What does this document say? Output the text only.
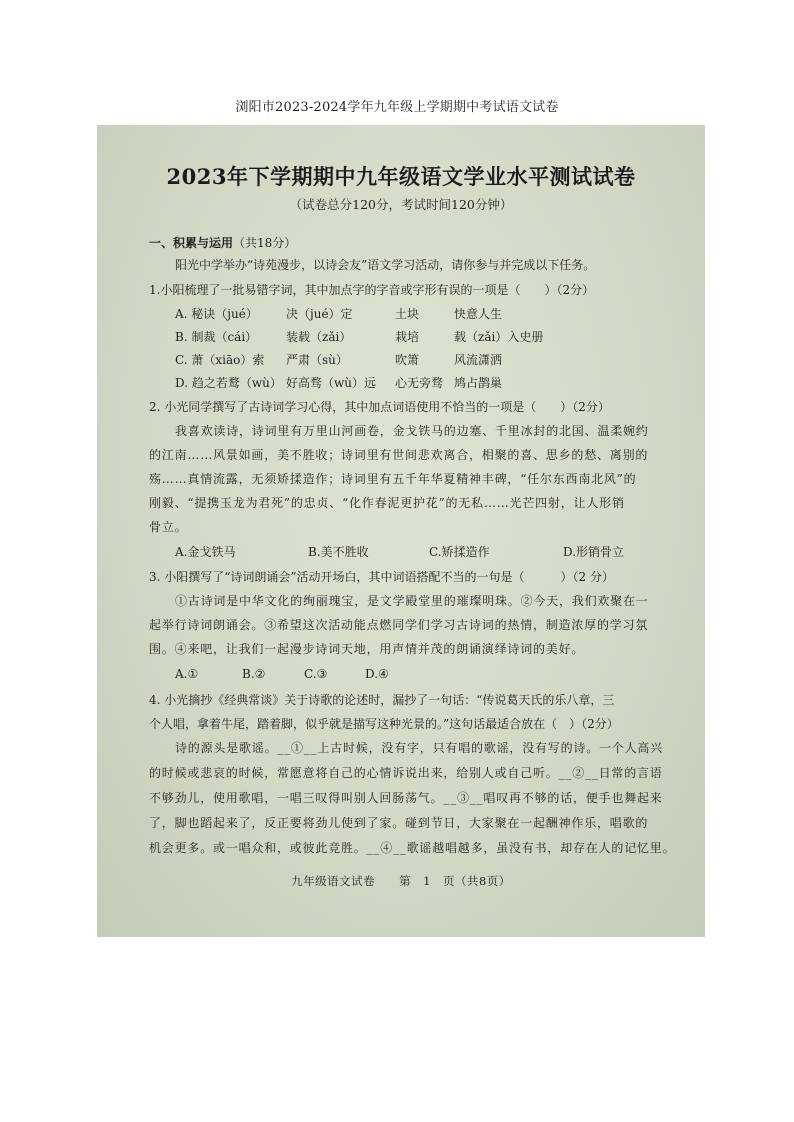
浏阳市2023-2024学年九年级上学期期中考试语文试卷
2023年下学期期中九年级语文学业水平测试试卷
（试卷总分120分，考试时间120分钟）
一、积累与运用（共18分）
阳光中学举办“诗苑漫步，以诗会友”语文学习活动，请你参与并完成以下任务。
1.小阳梳理了一批易错字词，其中加点字的字音或字形有误的一项是（　　）（2分）
A. 秘诀（jué） 决（jué）定	土块	快意人生
B. 制裁（cái） 装载（zǎi）	栽培	载（zǎi）入史册
C. 萧（xiāo）索 严肃（sù）	吹箫	风流潇洒
D. 趋之若鹜（wù） 好高骛（wù）远 心无旁骛 鸠占鹊巢
2. 小光同学撰写了古诗词学习心得，其中加点词语使用不恰当的一项是（　　）（2分）
我喜欢读诗，诗词里有万里山河画卷，金戈铁马的边塞、千里冰封的北国、温柔婉约
的江南……风景如画，美不胜收；诗词里有世间悲欢离合，相聚的喜、思乡的愁、离别的
殇……真情流露，无须矫揉造作；诗词里有五千年华夏精神丰碑，“任尔东西南北风”的
刚毅、“提携玉龙为君死”的忠贞、“化作春泥更护花”的无私……光芒四射，让人形销
骨立。
A.金戈铁马	B.美不胜收	C.矫揉造作	D.形销骨立
3. 小阳撰写了“诗词朗诵会”活动开场白，其中词语搭配不当的一句是（　　　）（2 分）
①古诗词是中华文化的绚丽瑰宝，是文学殿堂里的璀璨明珠。②今天，我们欢聚在一
起举行诗词朗诵会。③希望这次活动能点燃同学们学习古诗词的热情，制造浓厚的学习氛
围。④来吧，让我们一起漫步诗词天地，用声情并茂的朗诵演绎诗词的美好。
A.①	B.②	C.③	D.④
4. 小光摘抄《经典常谈》关于诗歌的论述时，漏抄了一句话：“传说葛天氏的乐八章，三
个人唱，拿着牛尾，踏着脚，似乎就是描写这种光景的。”这句话最适合放在（　）（2分）
诗的源头是歌谣。__①__上古时候，没有字，只有唱的歌谣，没有写的诗。一个人高兴
的时候或悲哀的时候，常愿意将自己的心情诉说出来，给别人或自己听。__②__日常的言语
不够劲儿，使用歌唱，一唱三叹得叫别人回肠荡气。__③__唱叹再不够的话，便手也舞起来
了，脚也蹈起来了，反正要将劲儿使到了家。碰到节日，大家聚在一起酬神作乐，唱歌的
机会更多。或一唱众和，或彼此竞胜。__④__歌谣越唱越多，虽没有书，却存在人的记忆里。
九年级语文试卷　　第　1　页（共8页）
